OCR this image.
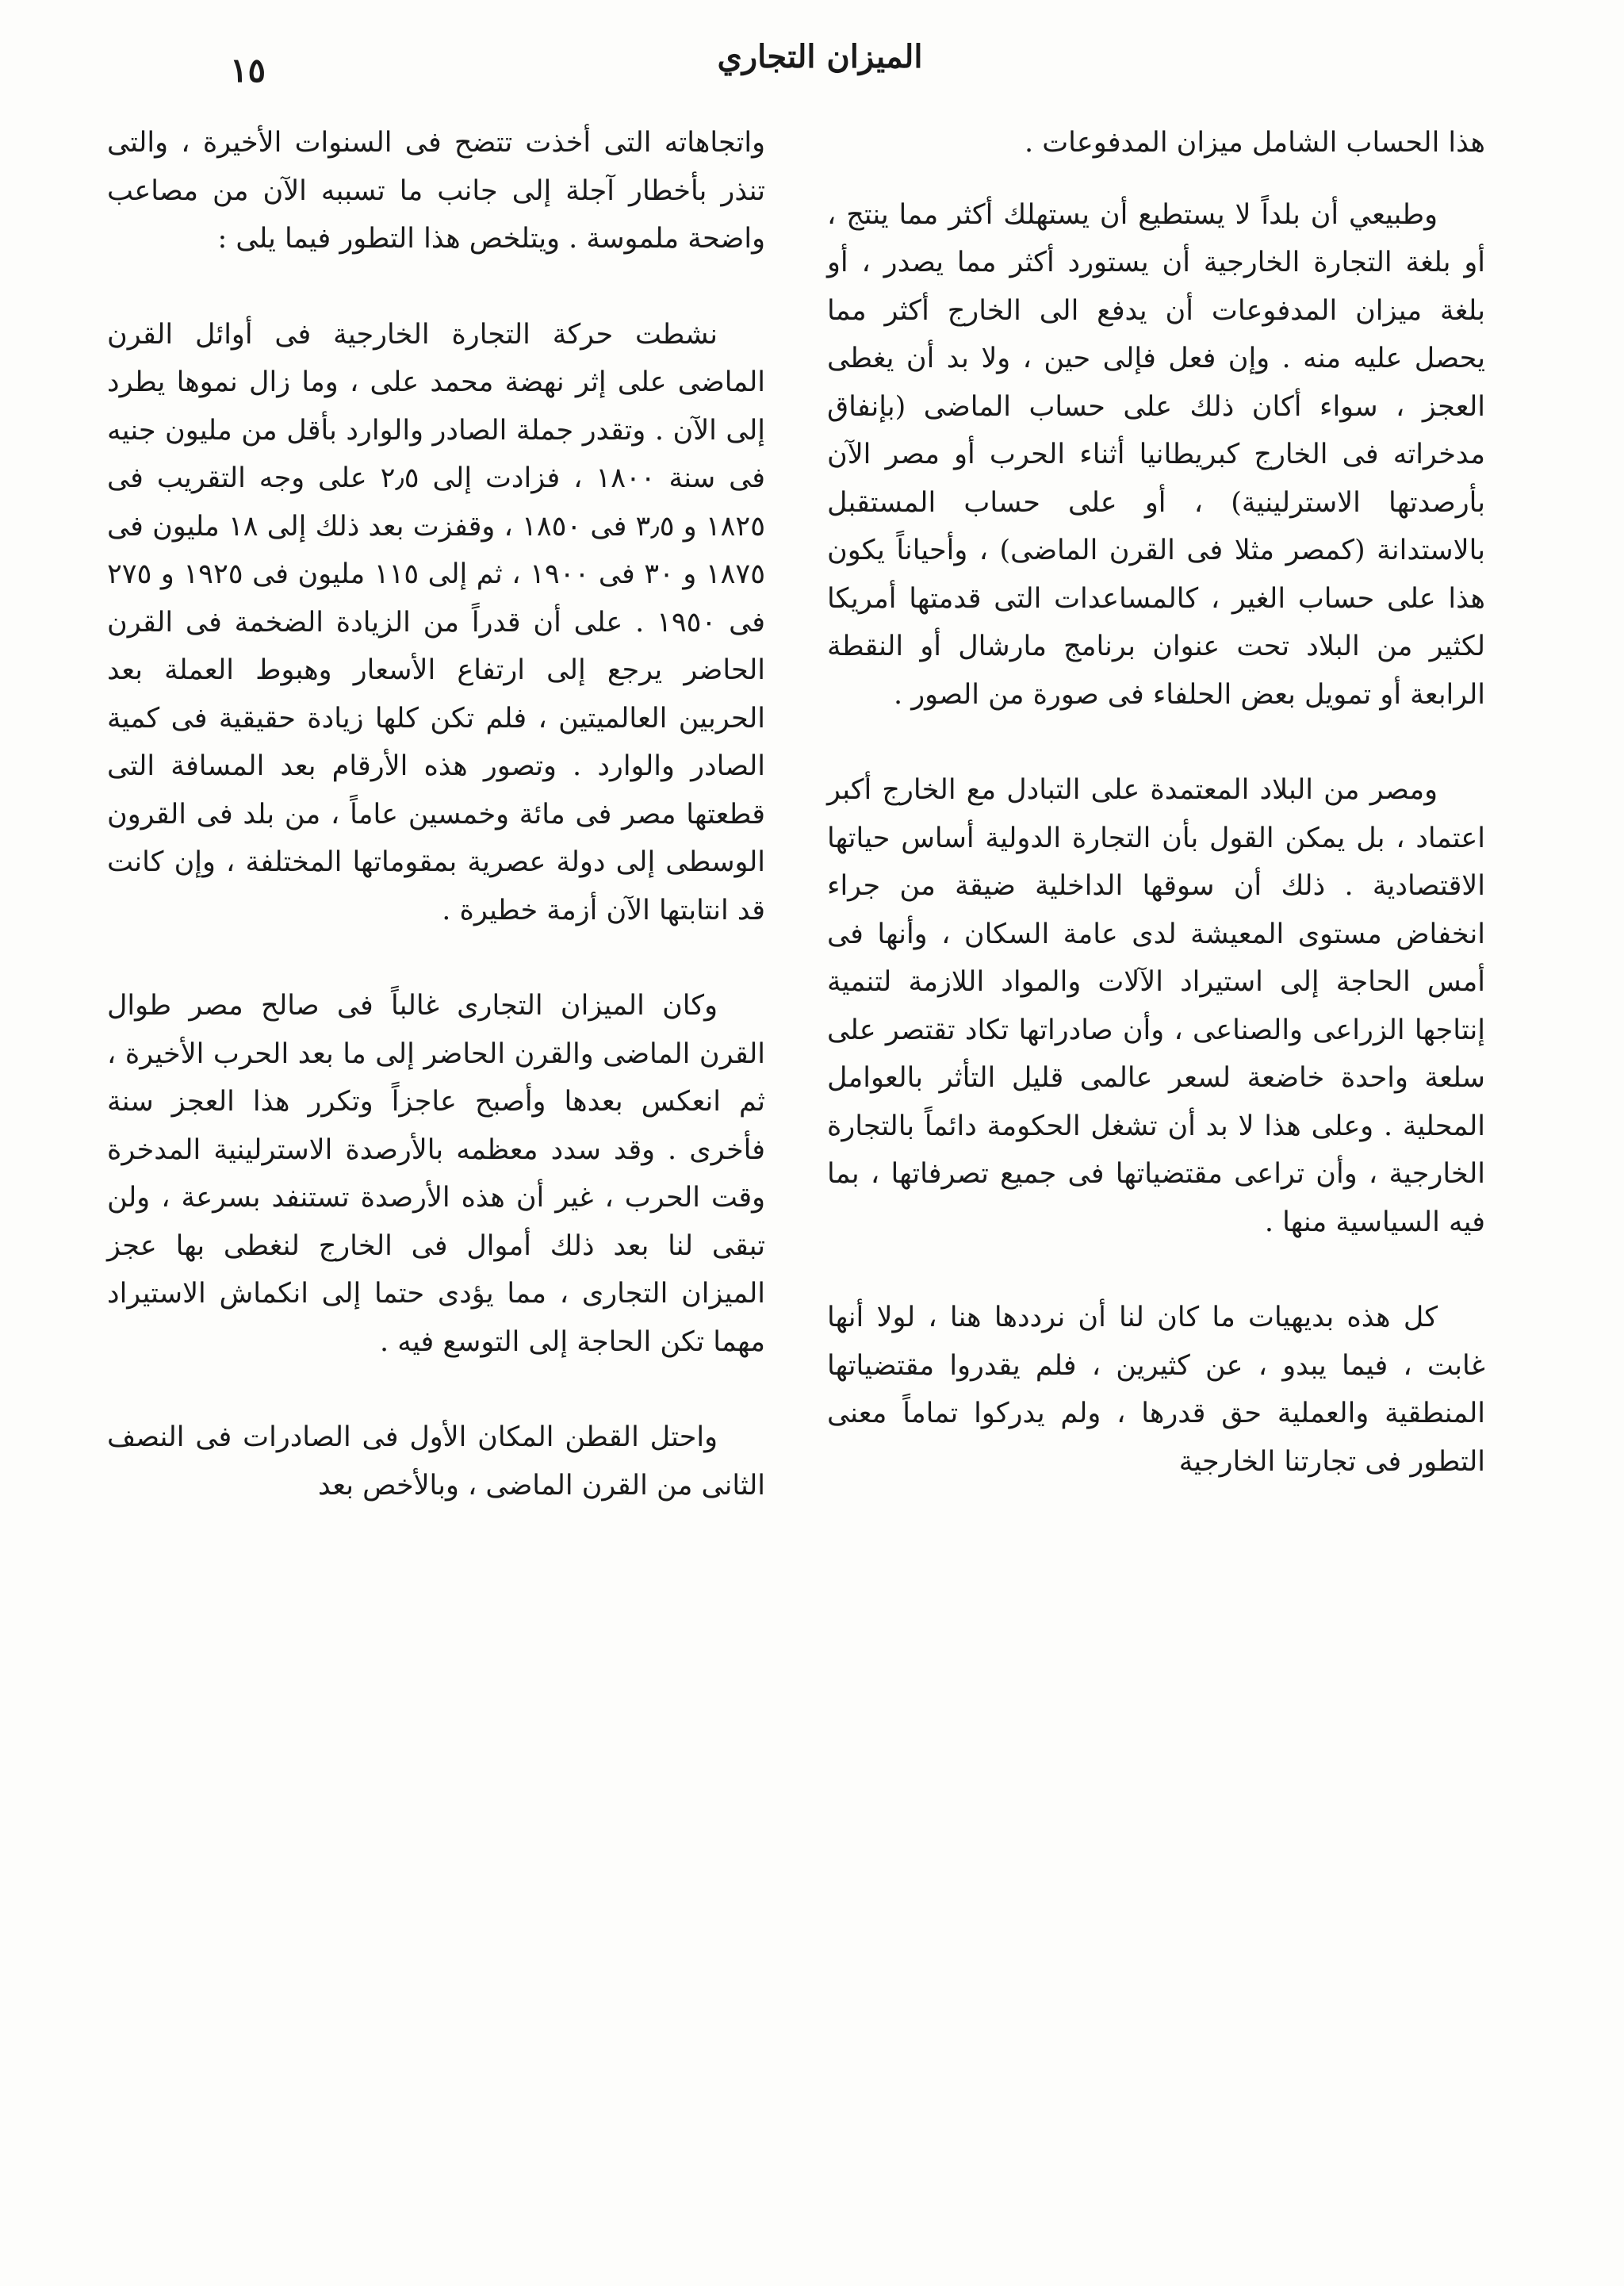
الميزان التجاري
١٥

هذا الحساب الشامل ميزان المدفوعات .

وطبيعي أن بلداً لا يستطيع أن يستهلك أكثر مما ينتج ، أو بلغة التجارة الخارجية أن يستورد أكثر مما يصدر ، أو بلغة ميزان المدفوعات أن يدفع الى الخارج أكثر مما يحصل عليه منه . وإن فعل فإلى حين ، ولا بد أن يغطى العجز ، سواء أكان ذلك على حساب الماضى (بإنفاق مدخراته فى الخارج كبريطانيا أثناء الحرب أو مصر الآن بأرصدتها الاسترلينية) ، أو على حساب المستقبل بالاستدانة (كمصر مثلا فى القرن الماضى) ، وأحياناً يكون هذا على حساب الغير ، كالمساعدات التى قدمتها أمريكا لكثير من البلاد تحت عنوان برنامج مارشال أو النقطة الرابعة أو تمويل بعض الحلفاء فى صورة من الصور .

ومصر من البلاد المعتمدة على التبادل مع الخارج أكبر اعتماد ، بل يمكن القول بأن التجارة الدولية أساس حياتها الاقتصادية . ذلك أن سوقها الداخلية ضيقة من جراء انخفاض مستوى المعيشة لدى عامة السكان ، وأنها فى أمس الحاجة إلى استيراد الآلات والمواد اللازمة لتنمية إنتاجها الزراعى والصناعى ، وأن صادراتها تكاد تقتصر على سلعة واحدة خاضعة لسعر عالمى قليل التأثر بالعوامل المحلية . وعلى هذا لا بد أن تشغل الحكومة دائماً بالتجارة الخارجية ، وأن تراعى مقتضياتها فى جميع تصرفاتها ، بما فيه السياسية منها .

كل هذه بديهيات ما كان لنا أن نرددها هنا ، لولا أنها غابت ، فيما يبدو ، عن كثيرين ، فلم يقدروا مقتضياتها المنطقية والعملية حق قدرها ، ولم يدركوا تماماً معنى التطور فى تجارتنا الخارجية

واتجاهاته التى أخذت تتضح فى السنوات الأخيرة ، والتى تنذر بأخطار آجلة إلى جانب ما تسببه الآن من مصاعب واضحة ملموسة . ويتلخص هذا التطور فيما يلى :

نشطت حركة التجارة الخارجية فى أوائل القرن الماضى على إثر نهضة محمد على ، وما زال نموها يطرد إلى الآن . وتقدر جملة الصادر والوارد بأقل من مليون جنيه فى سنة ١٨٠٠ ، فزادت إلى ٢٫٥ على وجه التقريب فى ١٨٢٥ و ٣٫٥ فى ١٨٥٠ ، وقفزت بعد ذلك إلى ١٨ مليون فى ١٨٧٥ و ٣٠ فى ١٩٠٠ ، ثم إلى ١١٥ مليون فى ١٩٢٥ و ٢٧٥ فى ١٩٥٠ . على أن قدراً من الزيادة الضخمة فى القرن الحاضر يرجع إلى ارتفاع الأسعار وهبوط العملة بعد الحربين العالميتين ، فلم تكن كلها زيادة حقيقية فى كمية الصادر والوارد . وتصور هذه الأرقام بعد المسافة التى قطعتها مصر فى مائة وخمسين عاماً ، من بلد فى القرون الوسطى إلى دولة عصرية بمقوماتها المختلفة ، وإن كانت قد انتابتها الآن أزمة خطيرة .

وكان الميزان التجارى غالباً فى صالح مصر طوال القرن الماضى والقرن الحاضر إلى ما بعد الحرب الأخيرة ، ثم انعكس بعدها وأصبح عاجزاً وتكرر هذا العجز سنة فأخرى . وقد سدد معظمه بالأرصدة الاسترلينية المدخرة وقت الحرب ، غير أن هذه الأرصدة تستنفد بسرعة ، ولن تبقى لنا بعد ذلك أموال فى الخارج لنغطى بها عجز الميزان التجارى ، مما يؤدى حتما إلى انكماش الاستيراد مهما تكن الحاجة إلى التوسع فيه .

واحتل القطن المكان الأول فى الصادرات فى النصف الثانى من القرن الماضى ، وبالأخص بعد
